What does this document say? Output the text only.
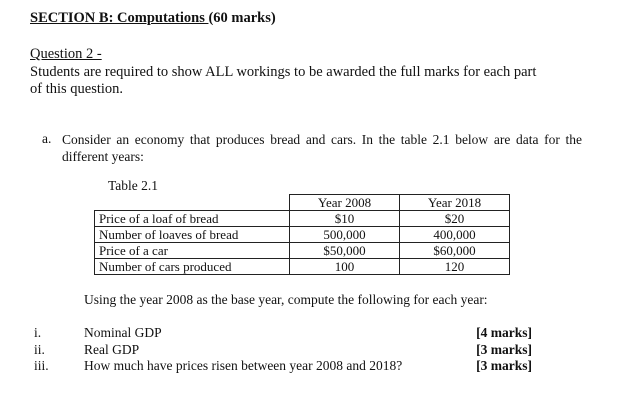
SECTION B: Computations (60 marks)
Question 2 -
Students are required to show ALL workings to be awarded the full marks for each part of this question.
a. Consider an economy that produces bread and cars. In the table 2.1 below are data for the different years:
Table 2.1
	Year 2008	Year 2018
Price of a loaf of bread	$10	$20
Number of loaves of bread	500,000	400,000
Price of a car	$50,000	$60,000
Number of cars produced	100	120
Using the year 2008 as the base year, compute the following for each year:
i.	Nominal GDP	[4 marks]
ii.	Real GDP	[3 marks]
iii.	How much have prices risen between year 2008 and 2018?	[3 marks]
